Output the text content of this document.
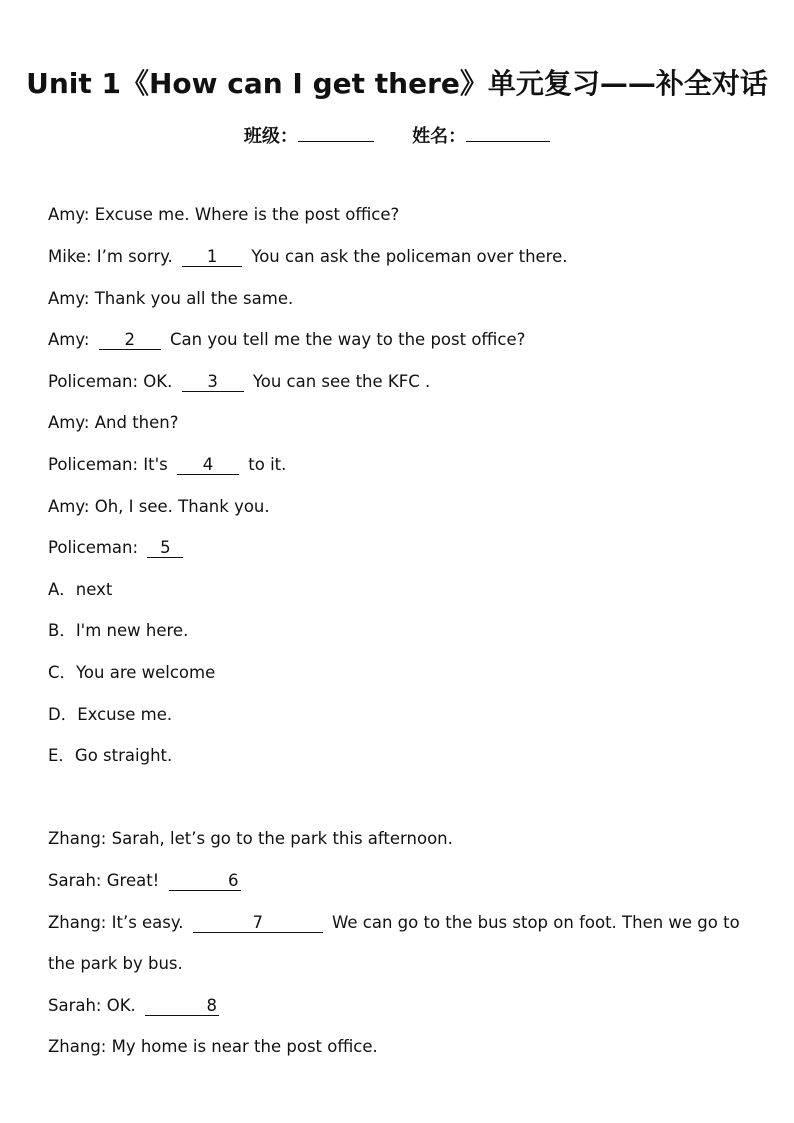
Unit 1《How can I get there》单元复习——补全对话
班级：	姓名：
Amy: Excuse me. Where is the post office?
Mike: I’m sorry. 1 You can ask the policeman over there.
Amy: Thank you all the same.
Amy: 2 Can you tell me the way to the post office?
Policeman: OK. 3 You can see the KFC .
Amy: And then?
Policeman: It's 4 to it.
Amy: Oh, I see. Thank you.
Policeman: 5
A．next
B．I'm new here.
C．You are welcome
D．Excuse me.
E．Go straight.
Zhang: Sarah, let’s go to the park this afternoon.
Sarah: Great!	6
Zhang: It’s easy.	7	We can go to the bus stop on foot. Then we go to
the park by bus.
Sarah: OK.	8
Zhang: My home is near the post office.
